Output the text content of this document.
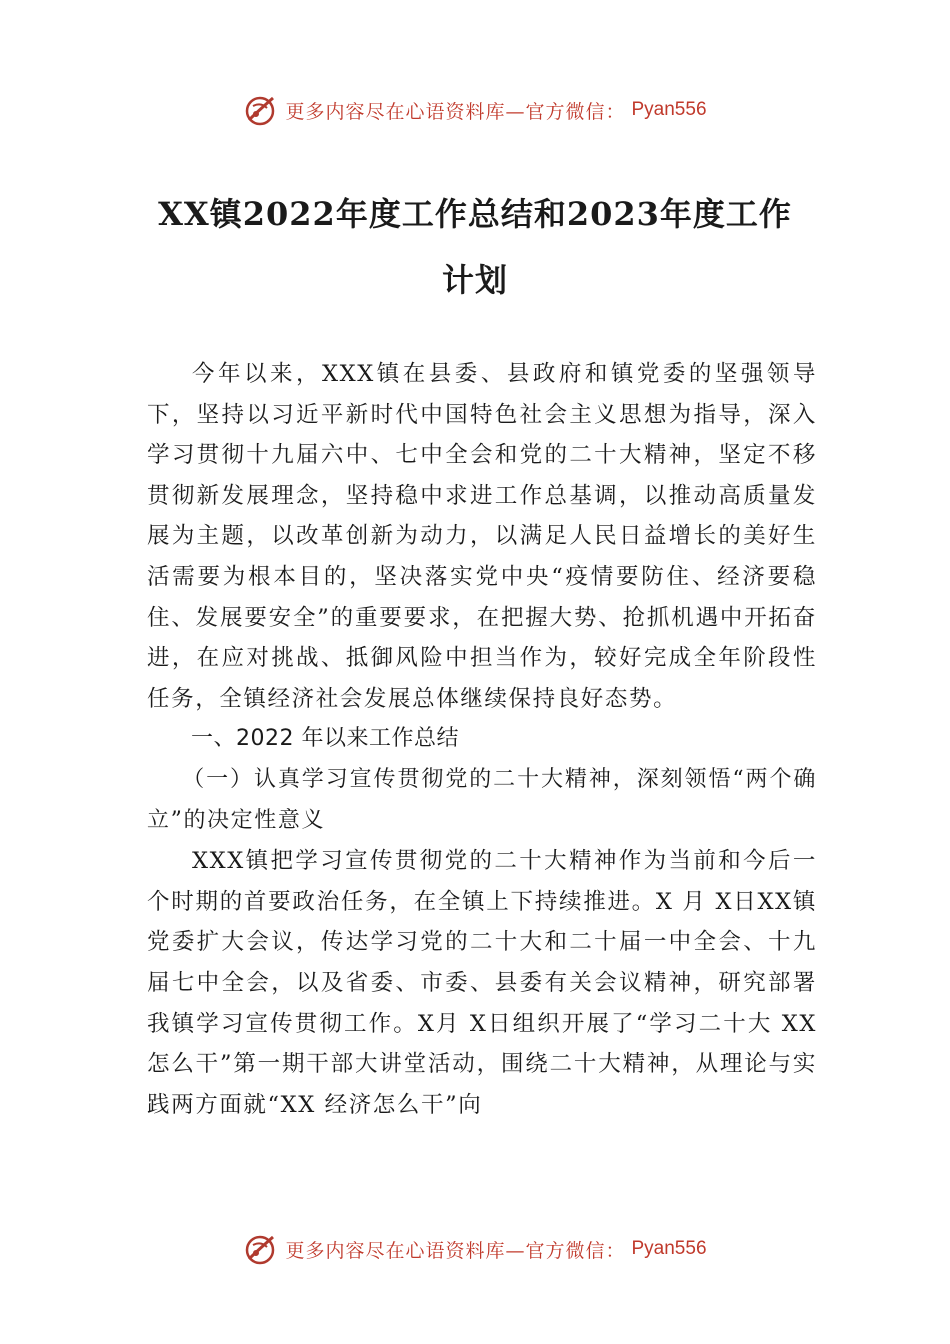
更多内容尽在心语资料库—官方微信： Pyan556
XX镇2022年度工作总结和2023年度工作
计划

今年以来，XXX镇在县委、县政府和镇党委的坚强领导下，坚持以习近平新时代中国特色社会主义思想为指导，深入学习贯彻十九届六中、七中全会和党的二十大精神，坚定不移贯彻新发展理念，坚持稳中求进工作总基调，以推动高质量发展为主题，以改革创新为动力，以满足人民日益增长的美好生活需要为根本目的，坚决落实党中央“疫情要防住、经济要稳住、发展要安全”的重要要求，在把握大势、抢抓机遇中开拓奋进，在应对挑战、抵御风险中担当作为，较好完成全年阶段性任务，全镇经济社会发展总体继续保持良好态势。

一、2022 年以来工作总结

（一）认真学习宣传贯彻党的二十大精神，深刻领悟“两个确立”的决定性意义

XXX镇把学习宣传贯彻党的二十大精神作为当前和今后一个时期的首要政治任务，在全镇上下持续推进。X 月 X日XX镇党委扩大会议，传达学习党的二十大和二十届一中全会、十九届七中全会，以及省委、市委、县委有关会议精神，研究部署我镇学习宣传贯彻工作。X月 X日组织开展了“学习二十大 XX怎么干”第一期干部大讲堂活动，围绕二十大精神，从理论与实践两方面就“XX 经济怎么干”向

更多内容尽在心语资料库—官方微信： Pyan556
